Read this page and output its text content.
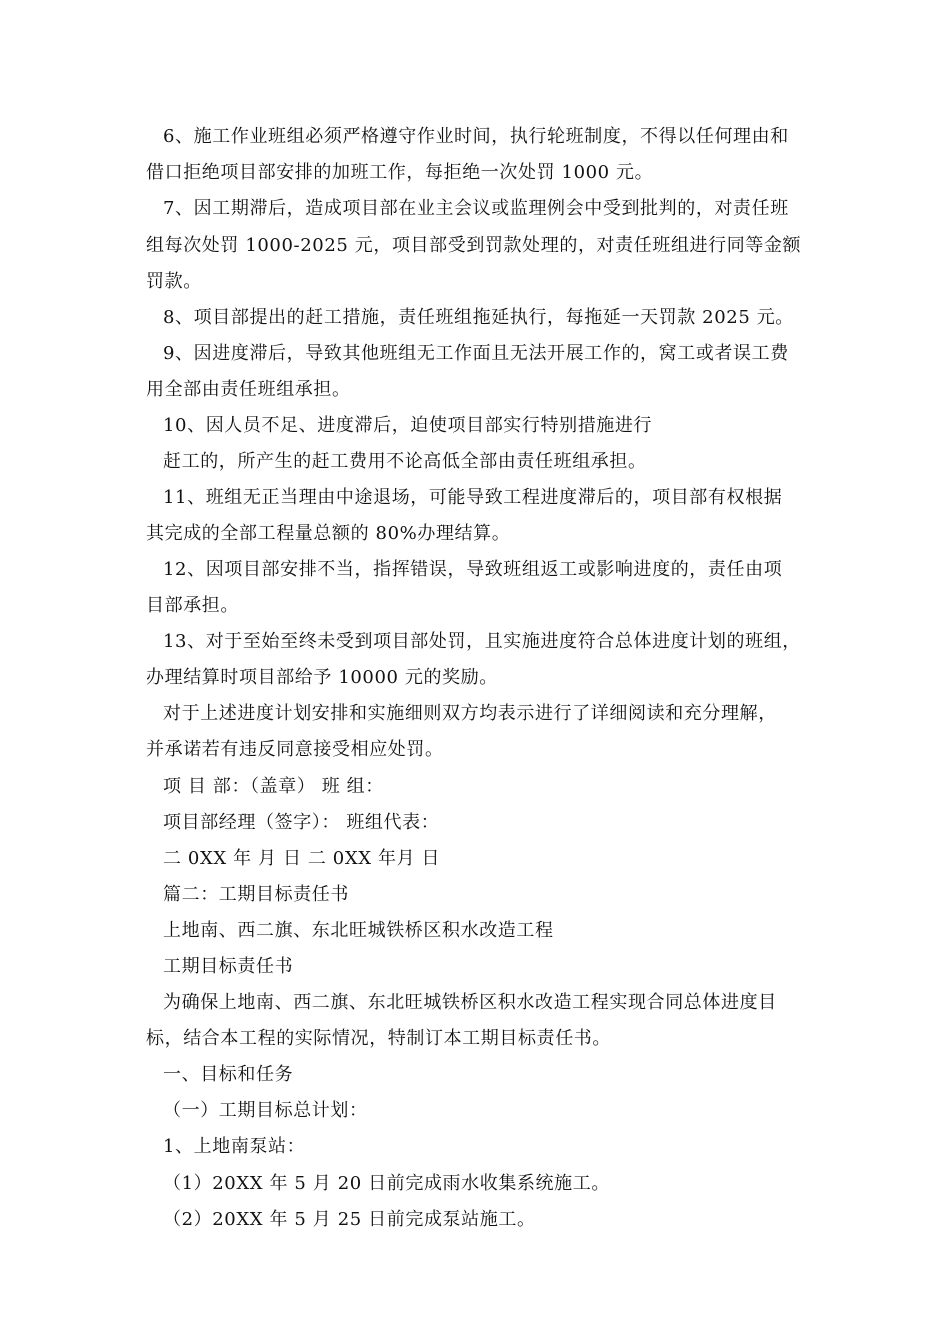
6、施工作业班组必须严格遵守作业时间，执行轮班制度，不得以任何理由和
借口拒绝项目部安排的加班工作，每拒绝一次处罚 1000 元。
7、因工期滞后，造成项目部在业主会议或监理例会中受到批判的，对责任班
组每次处罚 1000-2025 元，项目部受到罚款处理的，对责任班组进行同等金额
罚款。
8、项目部提出的赶工措施，责任班组拖延执行，每拖延一天罚款 2025 元。
9、因进度滞后，导致其他班组无工作面且无法开展工作的，窝工或者误工费
用全部由责任班组承担。
10、因人员不足、进度滞后，迫使项目部实行特别措施进行
赶工的，所产生的赶工费用不论高低全部由责任班组承担。
11、班组无正当理由中途退场，可能导致工程进度滞后的，项目部有权根据
其完成的全部工程量总额的 80%办理结算。
12、因项目部安排不当，指挥错误，导致班组返工或影响进度的，责任由项
目部承担。
13、对于至始至终未受到项目部处罚，且实施进度符合总体进度计划的班组，
办理结算时项目部给予 10000 元的奖励。
对于上述进度计划安排和实施细则双方均表示进行了详细阅读和充分理解，
并承诺若有违反同意接受相应处罚。
项 目 部：（盖章） 班 组：
项目部经理（签字）： 班组代表：
二 0XX 年 月 日 二 0XX 年月 日
篇二：工期目标责任书
上地南、西二旗、东北旺城铁桥区积水改造工程
工期目标责任书
为确保上地南、西二旗、东北旺城铁桥区积水改造工程实现合同总体进度目
标，结合本工程的实际情况，特制订本工期目标责任书。
一、目标和任务
（一）工期目标总计划：
1、上地南泵站：
（1）20XX 年 5 月 20 日前完成雨水收集系统施工。
（2）20XX 年 5 月 25 日前完成泵站施工。
